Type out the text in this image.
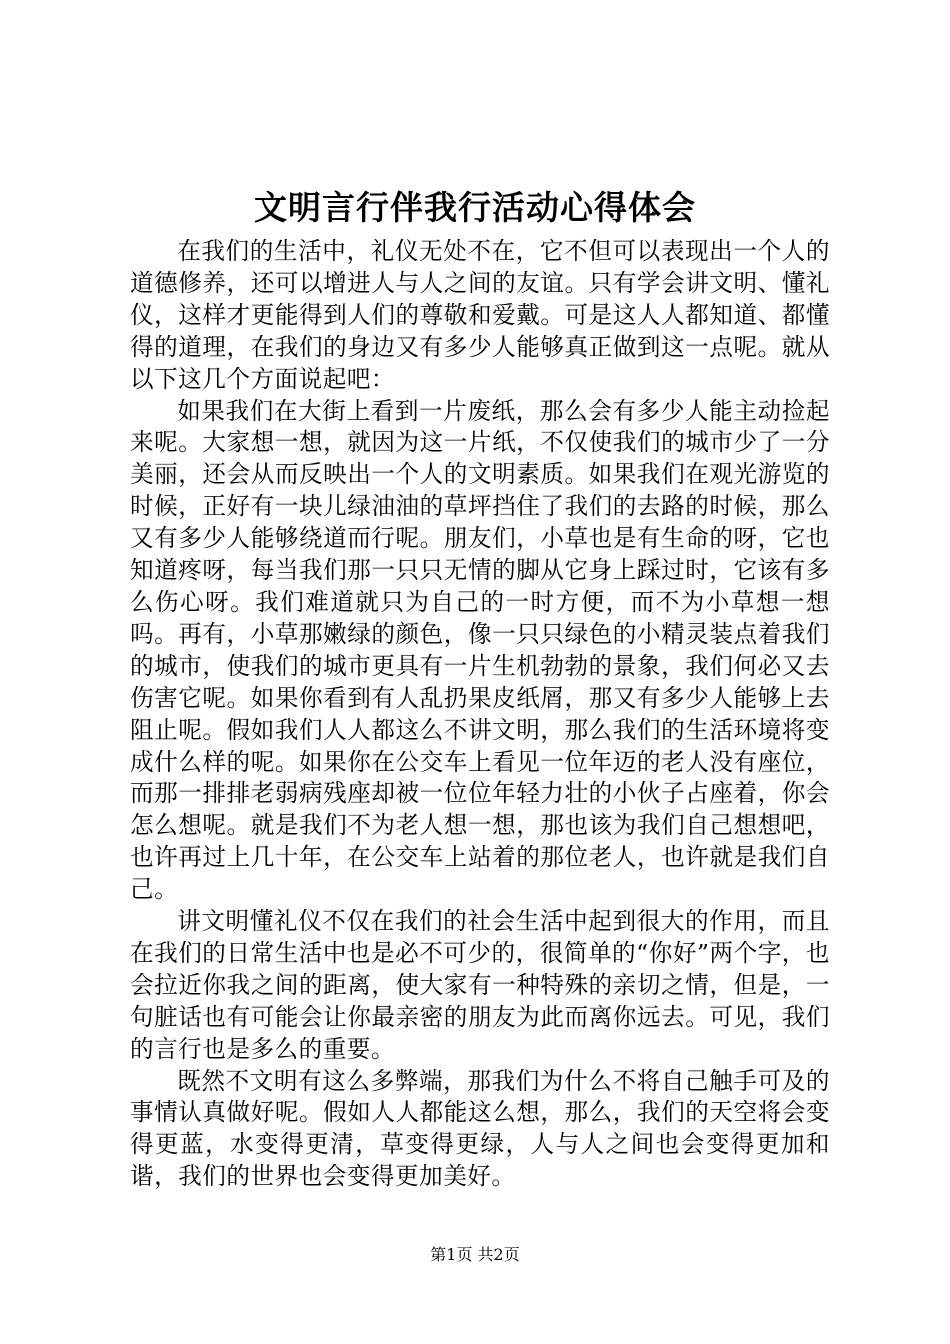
文明言行伴我行活动心得体会

在我们的生活中，礼仪无处不在，它不但可以表现出一个人的道德修养，还可以增进人与人之间的友谊。只有学会讲文明、懂礼仪，这样才更能得到人们的尊敬和爱戴。可是这人人都知道、都懂得的道理，在我们的身边又有多少人能够真正做到这一点呢。就从以下这几个方面说起吧：

如果我们在大街上看到一片废纸，那么会有多少人能主动捡起来呢。大家想一想，就因为这一片纸，不仅使我们的城市少了一分美丽，还会从而反映出一个人的文明素质。如果我们在观光游览的时候，正好有一块儿绿油油的草坪挡住了我们的去路的时候，那么又有多少人能够绕道而行呢。朋友们，小草也是有生命的呀，它也知道疼呀，每当我们那一只只无情的脚从它身上踩过时，它该有多么伤心呀。我们难道就只为自己的一时方便，而不为小草想一想吗。再有，小草那嫩绿的颜色，像一只只绿色的小精灵装点着我们的城市，使我们的城市更具有一片生机勃勃的景象，我们何必又去伤害它呢。如果你看到有人乱扔果皮纸屑，那又有多少人能够上去阻止呢。假如我们人人都这么不讲文明，那么我们的生活环境将变成什么样的呢。如果你在公交车上看见一位年迈的老人没有座位，而那一排排老弱病残座却被一位位年轻力壮的小伙子占座着，你会怎么想呢。就是我们不为老人想一想，那也该为我们自己想想吧，也许再过上几十年，在公交车上站着的那位老人，也许就是我们自己。

讲文明懂礼仪不仅在我们的社会生活中起到很大的作用，而且在我们的日常生活中也是必不可少的，很简单的“你好”两个字，也会拉近你我之间的距离，使大家有一种特殊的亲切之情，但是，一句脏话也有可能会让你最亲密的朋友为此而离你远去。可见，我们的言行也是多么的重要。

既然不文明有这么多弊端，那我们为什么不将自己触手可及的事情认真做好呢。假如人人都能这么想，那么，我们的天空将会变得更蓝，水变得更清，草变得更绿，人与人之间也会变得更加和谐，我们的世界也会变得更加美好。

第1页 共2页
